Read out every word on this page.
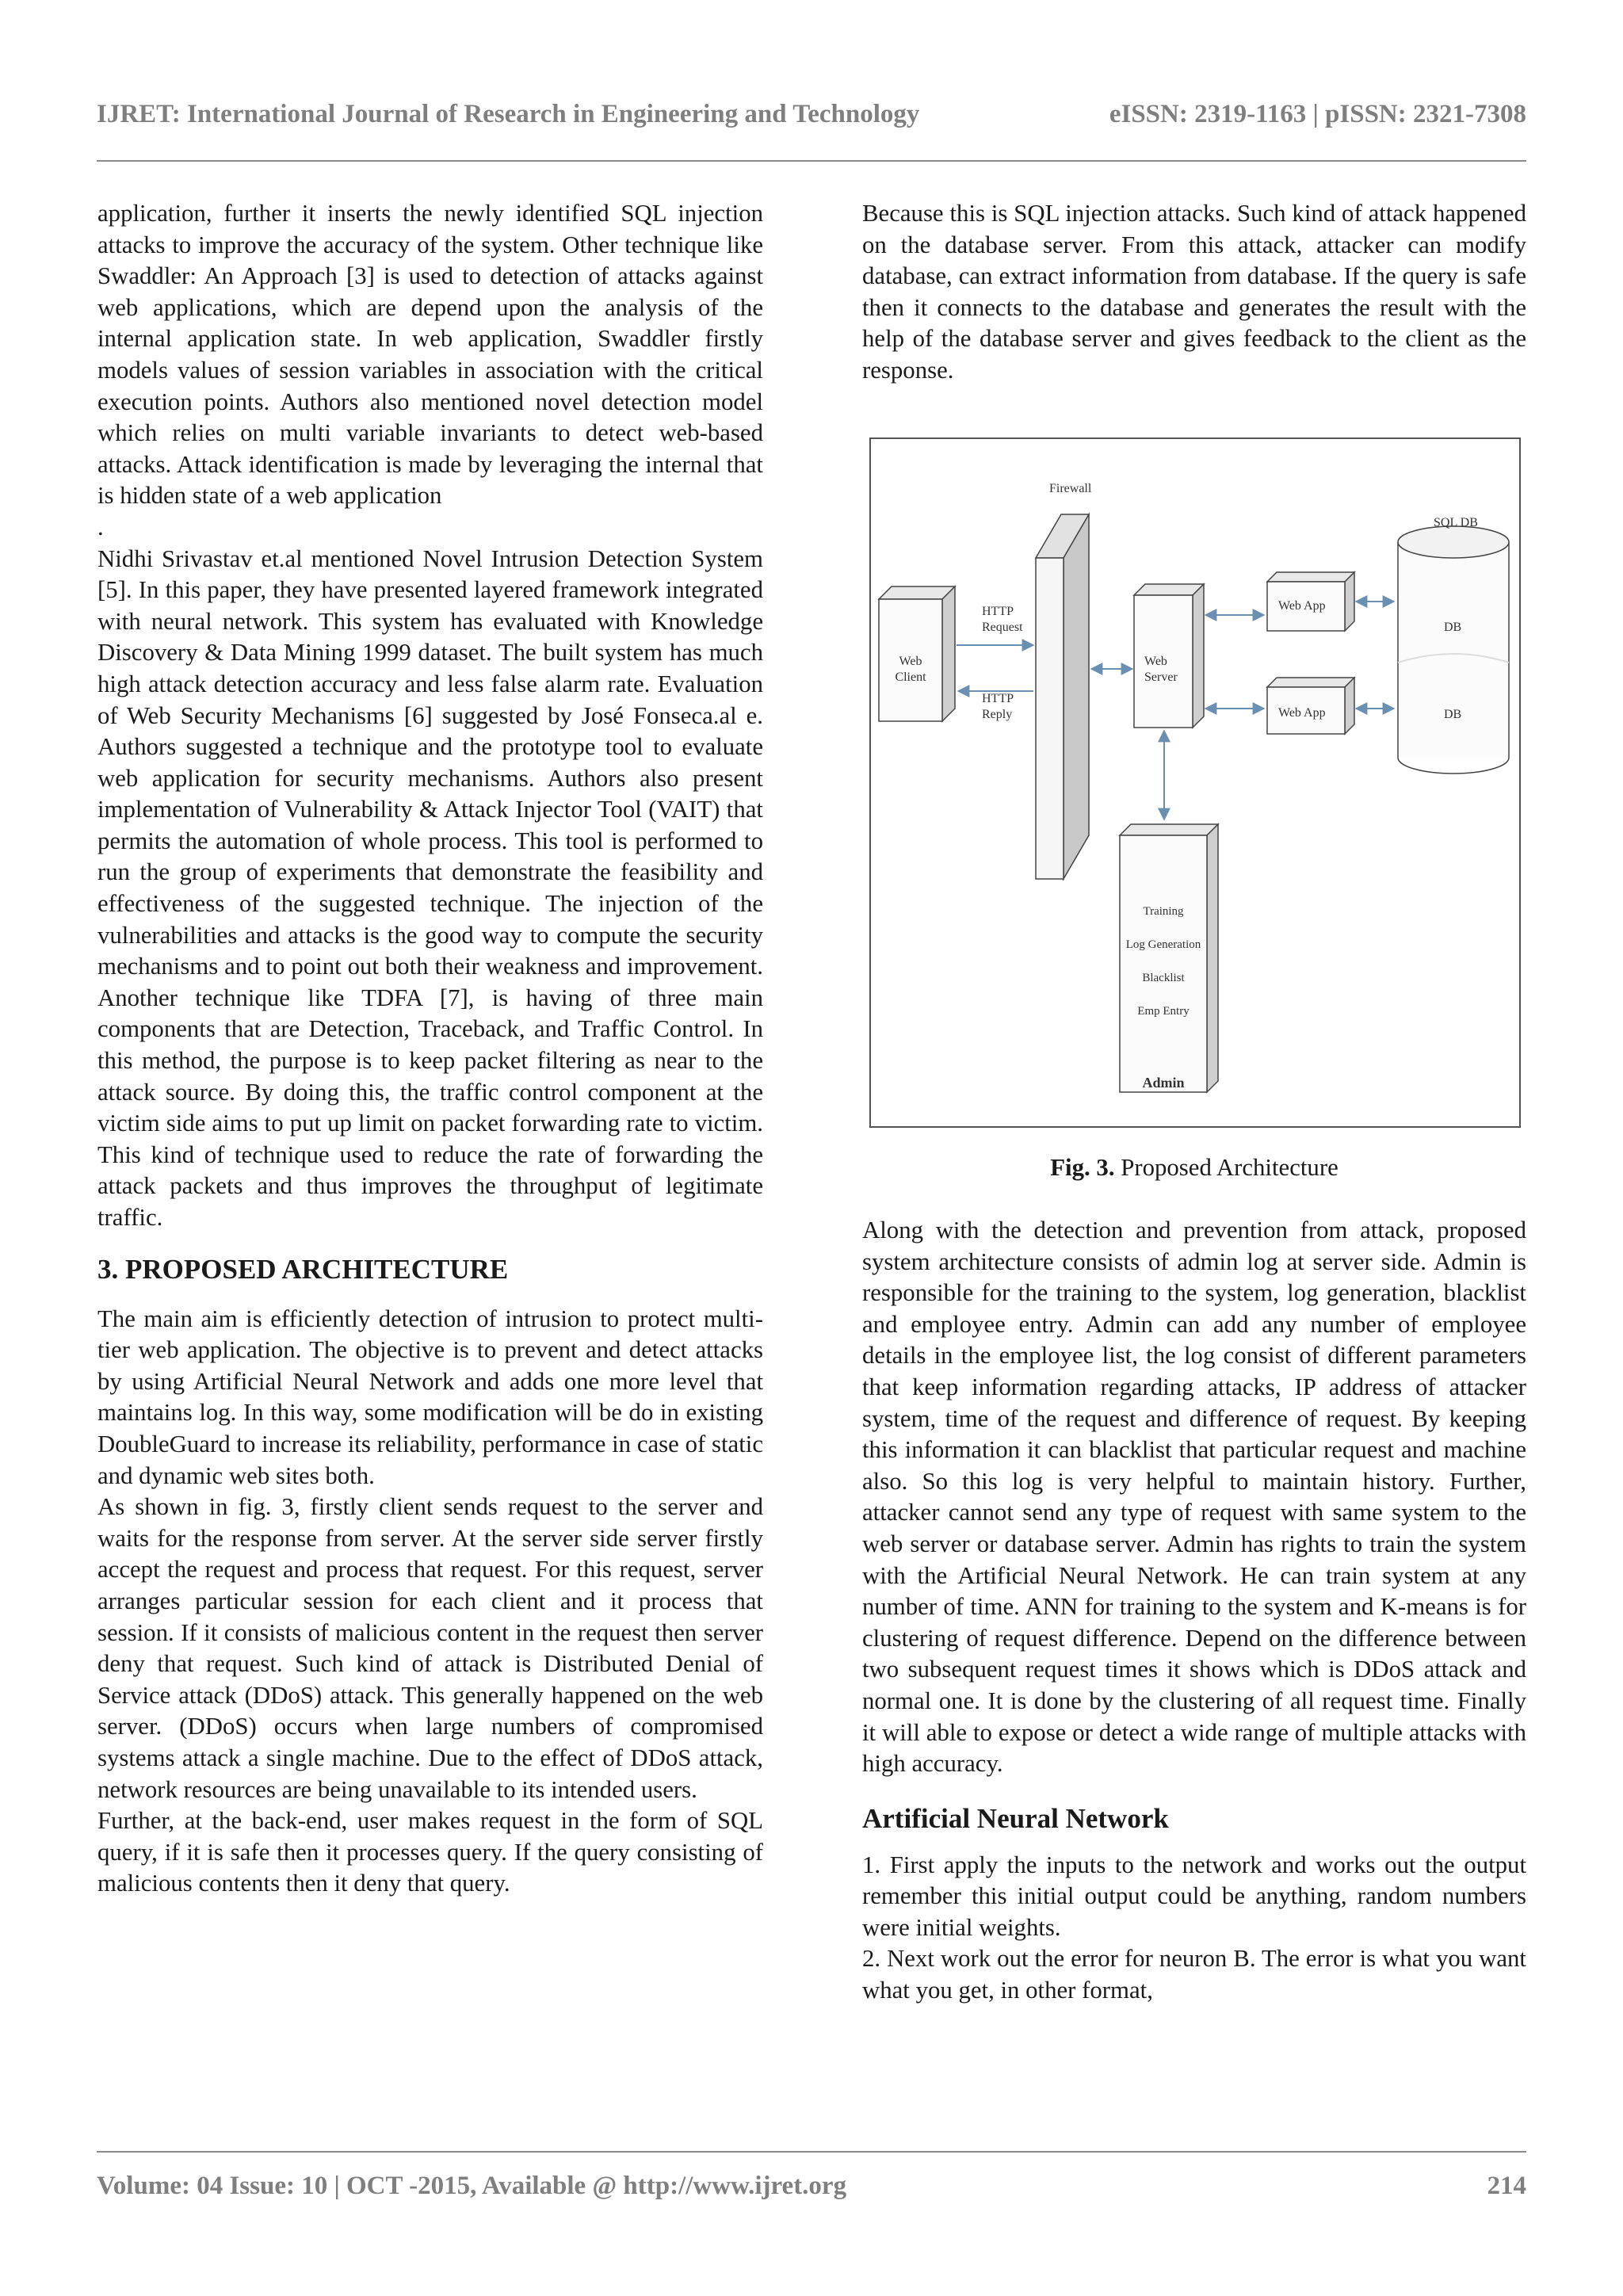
IJRET: International Journal of Research in Engineering and Technology	eISSN: 2319-1163 | pISSN: 2321-7308

application, further it inserts the newly identified SQL injection attacks to improve the accuracy of the system. Other technique like Swaddler: An Approach [3] is used to detection of attacks against web applications, which are depend upon the analysis of the internal application state. In web application, Swaddler firstly models values of session variables in association with the critical execution points. Authors also mentioned novel detection model which relies on multi variable invariants to detect web-based attacks. Attack identification is made by leveraging the internal that is hidden state of a web application

.

Nidhi Srivastav et.al mentioned Novel Intrusion Detection System [5]. In this paper, they have presented layered framework integrated with neural network. This system has evaluated with Knowledge Discovery & Data Mining 1999 dataset. The built system has much high attack detection accuracy and less false alarm rate. Evaluation of Web Security Mechanisms [6] suggested by José Fonseca.al e. Authors suggested a technique and the prototype tool to evaluate web application for security mechanisms. Authors also present implementation of Vulnerability & Attack Injector Tool (VAIT) that permits the automation of whole process. This tool is performed to run the group of experiments that demonstrate the feasibility and effectiveness of the suggested technique. The injection of the vulnerabilities and attacks is the good way to compute the security mechanisms and to point out both their weakness and improvement. Another technique like TDFA [7], is having of three main components that are Detection, Traceback, and Traffic Control. In this method, the purpose is to keep packet filtering as near to the attack source. By doing this, the traffic control component at the victim side aims to put up limit on packet forwarding rate to victim. This kind of technique used to reduce the rate of forwarding the attack packets and thus improves the throughput of legitimate traffic.

3. PROPOSED ARCHITECTURE

The main aim is efficiently detection of intrusion to protect multi-tier web application. The objective is to prevent and detect attacks by using Artificial Neural Network and adds one more level that maintains log. In this way, some modification will be do in existing DoubleGuard to increase its reliability, performance in case of static and dynamic web sites both.

As shown in fig. 3, firstly client sends request to the server and waits for the response from server. At the server side server firstly accept the request and process that request. For this request, server arranges particular session for each client and it process that session. If it consists of malicious content in the request then server deny that request. Such kind of attack is Distributed Denial of Service attack (DDoS) attack. This generally happened on the web server. (DDoS) occurs when large numbers of compromised systems attack a single machine. Due to the effect of DDoS attack, network resources are being unavailable to its intended users.

Further, at the back-end, user makes request in the form of SQL query, if it is safe then it processes query. If the query consisting of malicious contents then it deny that query.

Because this is SQL injection attacks. Such kind of attack happened on the database server. From this attack, attacker can modify database, can extract information from database. If the query is safe then it connects to the database and generates the result with the help of the database server and gives feedback to the client as the response.

Web
Client
HTTP
Request
HTTP
Reply
Firewall
Web
Server
Web App
Web App
SQL DB
DB
DB
Training
Log Generation
Blacklist
Emp Entry
Admin
Fig. 3. Proposed Architecture

Along with the detection and prevention from attack, proposed system architecture consists of admin log at server side. Admin is responsible for the training to the system, log generation, blacklist and employee entry. Admin can add any number of employee details in the employee list, the log consist of different parameters that keep information regarding attacks, IP address of attacker system, time of the request and difference of request. By keeping this information it can blacklist that particular request and machine also. So this log is very helpful to maintain history. Further, attacker cannot send any type of request with same system to the web server or database server. Admin has rights to train the system with the Artificial Neural Network. He can train system at any number of time. ANN for training to the system and K-means is for clustering of request difference. Depend on the difference between two subsequent request times it shows which is DDoS attack and normal one. It is done by the clustering of all request time. Finally it will able to expose or detect a wide range of multiple attacks with high accuracy.

Artificial Neural Network

1. First apply the inputs to the network and works out the output remember this initial output could be anything, random numbers were initial weights.

2. Next work out the error for neuron B. The error is what you want what you get, in other format,

Volume: 04 Issue: 10 | OCT -2015, Available @ http://www.ijret.org	214
